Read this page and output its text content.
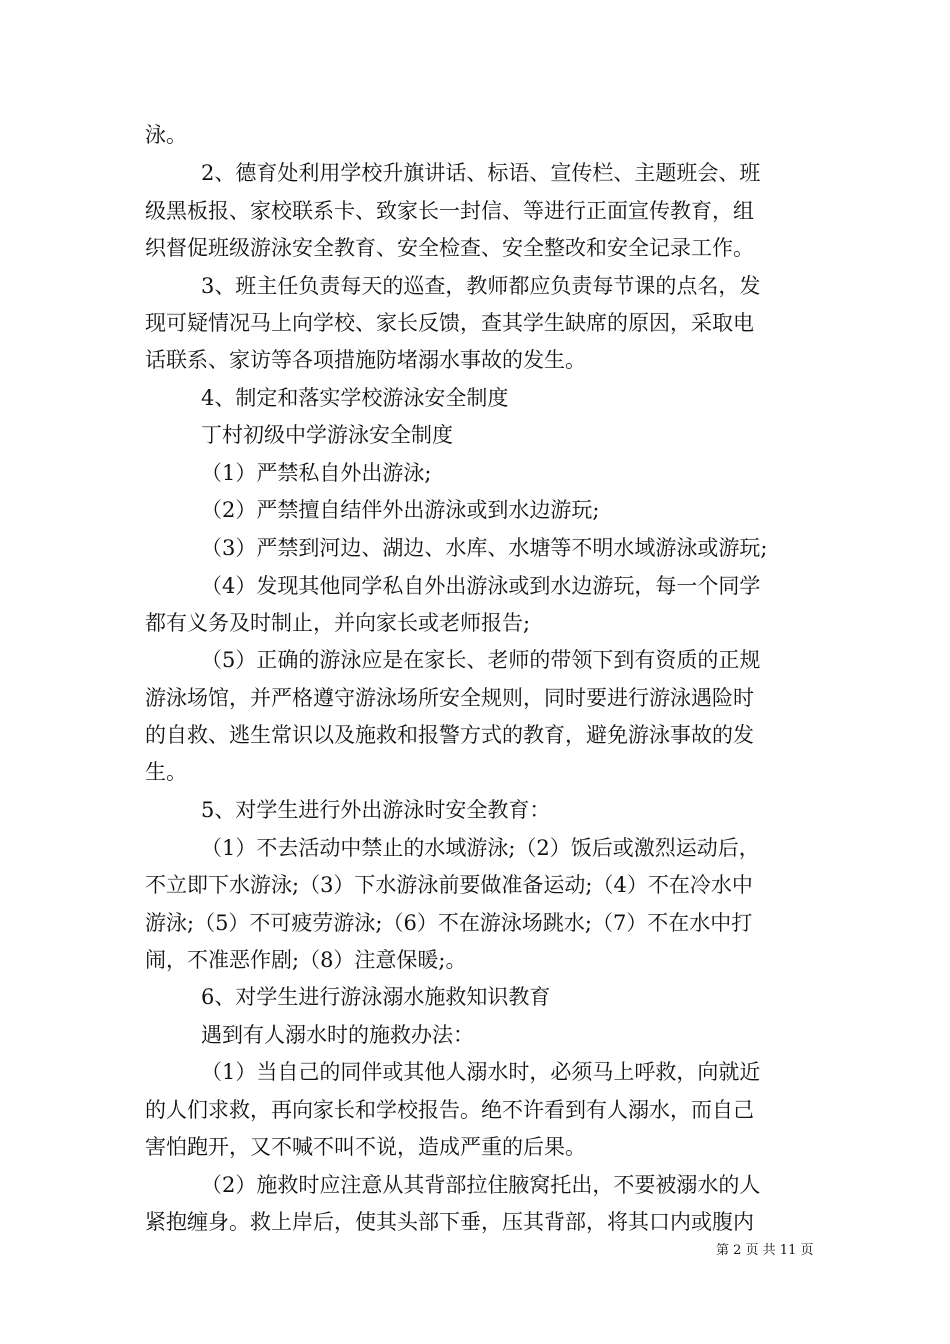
泳。
2、德育处利用学校升旗讲话、标语、宣传栏、主题班会、班
级黑板报、家校联系卡、致家长一封信、等进行正面宣传教育，组
织督促班级游泳安全教育、安全检查、安全整改和安全记录工作。
3、班主任负责每天的巡查，教师都应负责每节课的点名，发
现可疑情况马上向学校、家长反馈，查其学生缺席的原因，采取电
话联系、家访等各项措施防堵溺水事故的发生。
4、制定和落实学校游泳安全制度
丁村初级中学游泳安全制度
（1）严禁私自外出游泳;
（2）严禁擅自结伴外出游泳或到水边游玩;
（3）严禁到河边、湖边、水库、水塘等不明水域游泳或游玩;
（4）发现其他同学私自外出游泳或到水边游玩，每一个同学
都有义务及时制止，并向家长或老师报告;
（5）正确的游泳应是在家长、老师的带领下到有资质的正规
游泳场馆，并严格遵守游泳场所安全规则，同时要进行游泳遇险时
的自救、逃生常识以及施救和报警方式的教育，避免游泳事故的发
生。
5、对学生进行外出游泳时安全教育：
（1）不去活动中禁止的水域游泳;（2）饭后或激烈运动后，
不立即下水游泳;（3）下水游泳前要做准备运动;（4）不在冷水中
游泳;（5）不可疲劳游泳;（6）不在游泳场跳水;（7）不在水中打
闹，不准恶作剧;（8）注意保暖;。
6、对学生进行游泳溺水施救知识教育
遇到有人溺水时的施救办法：
（1）当自己的同伴或其他人溺水时，必须马上呼救，向就近
的人们求救，再向家长和学校报告。绝不许看到有人溺水，而自己
害怕跑开，又不喊不叫不说，造成严重的后果。
（2）施救时应注意从其背部拉住腋窝托出，不要被溺水的人
紧抱缠身。救上岸后，使其头部下垂，压其背部，将其口内或腹内
第 2 页 共 11 页
